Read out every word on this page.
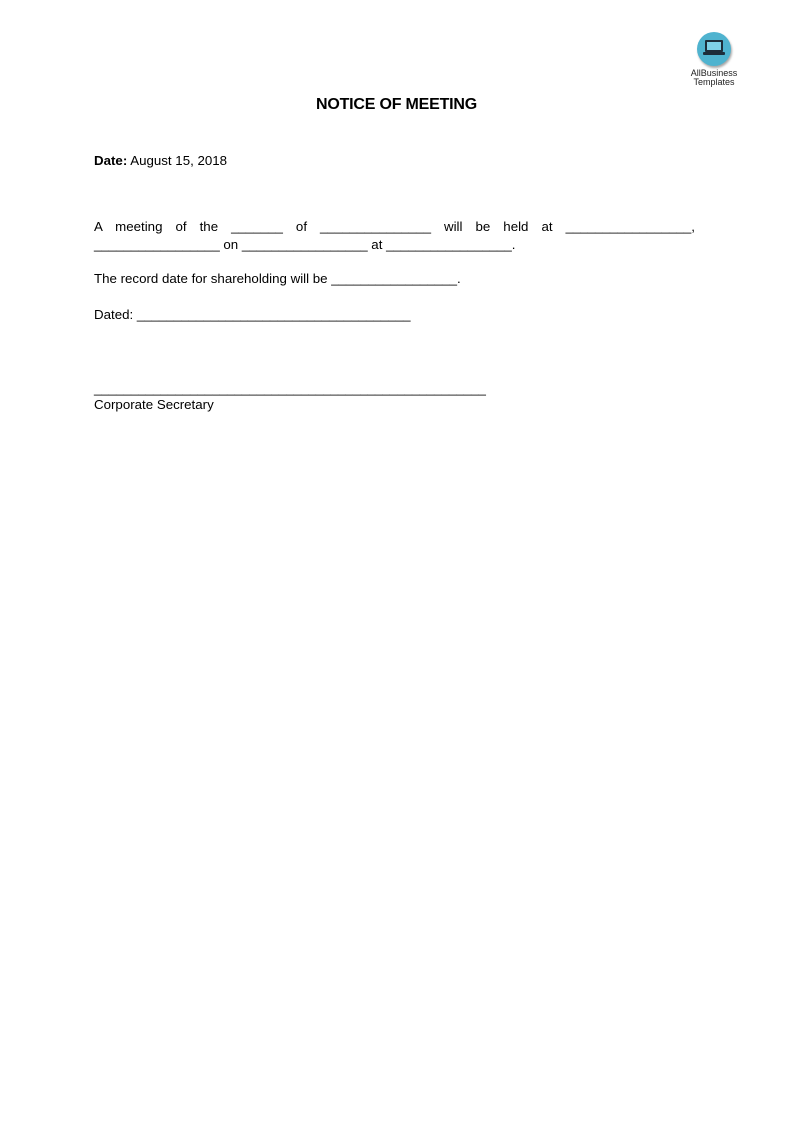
AllBusiness
Templates
NOTICE OF MEETING

Date: August 15, 2018

A meeting of the _______ of _______________ will be held at _________________, _________________ on _________________ at _________________.

The record date for shareholding will be _________________.

Dated: _____________________________________

_____________________________________________________

Corporate Secretary
